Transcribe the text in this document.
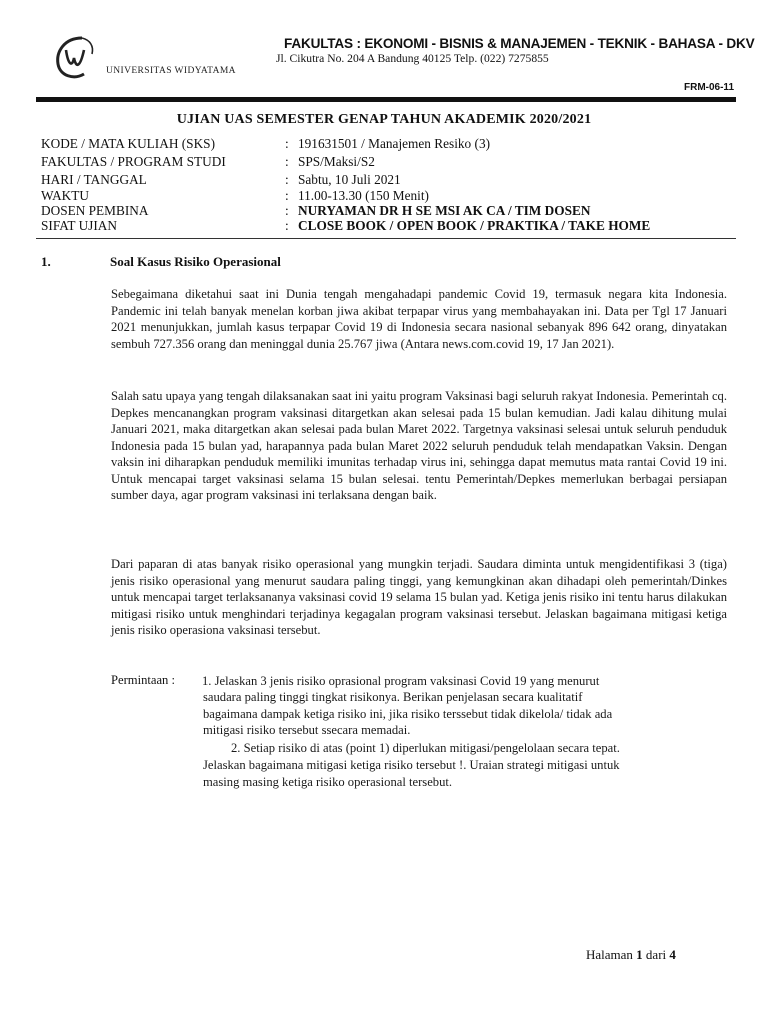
UNIVERSITAS WIDYATAMA
FAKULTAS : EKONOMI - BISNIS & MANAJEMEN - TEKNIK - BAHASA - DKV
Jl. Cikutra No. 204 A Bandung 40125 Telp. (022) 7275855
FRM-06-11
UJIAN UAS SEMESTER GENAP TAHUN AKADEMIK 2020/2021
KODE / MATA KULIAH (SKS)	: 191631501 / Manajemen Resiko (3)
FAKULTAS / PROGRAM STUDI	: SPS/Maksi/S2
HARI / TANGGAL	: Sabtu, 10 Juli 2021
WAKTU	: 11.00-13.30 (150 Menit)
DOSEN PEMBINA	: NURYAMAN DR H SE MSI AK CA / TIM DOSEN
SIFAT UJIAN	: CLOSE BOOK / OPEN BOOK / PRAKTIKA / TAKE HOME
1.	Soal Kasus Risiko Operasional
Sebegaimana diketahui saat ini Dunia tengah mengahadapi pandemic Covid 19, termasuk negara kita Indonesia. Pandemic ini telah banyak menelan korban jiwa akibat terpapar virus yang membahayakan ini. Data per Tgl 17 Januari 2021 menunjukkan, jumlah kasus terpapar Covid 19 di Indonesia secara nasional sebanyak 896 642 orang, dinyatakan sembuh 727.356 orang dan meninggal dunia 25.767 jiwa (Antara news.com.covid 19, 17 Jan 2021).
Salah satu upaya yang tengah dilaksanakan saat ini yaitu program Vaksinasi bagi seluruh rakyat Indonesia. Pemerintah cq. Depkes mencanangkan program vaksinasi ditargetkan akan selesai pada 15 bulan kemudian. Jadi kalau dihitung mulai Januari 2021, maka ditargetkan akan selesai pada bulan Maret 2022. Targetnya vaksinasi selesai untuk seluruh penduduk Indonesia pada 15 bulan yad, harapannya pada bulan Maret 2022 seluruh penduduk telah mendapatkan Vaksin. Dengan vaksin ini diharapkan penduduk memiliki imunitas terhadap virus ini, sehingga dapat memutus mata rantai Covid 19 ini. Untuk mencapai target vaksinasi selama 15 bulan selesai. tentu Pemerintah/Depkes memerlukan berbagai persiapan sumber daya, agar program vaksinasi ini terlaksana dengan baik.
Dari paparan di atas banyak risiko operasional yang mungkin terjadi. Saudara diminta untuk mengidentifikasi 3 (tiga) jenis risiko operasional yang menurut saudara paling tinggi, yang kemungkinan akan dihadapi oleh pemerintah/Dinkes untuk mencapai target terlaksananya vaksinasi covid 19 selama 15 bulan yad. Ketiga jenis risiko ini tentu harus dilakukan mitigasi risiko untuk menghindari terjadinya kegagalan program vaksinasi tersebut. Jelaskan bagaimana mitigasi ketiga jenis risiko operasiona vaksinasi tersebut.
Permintaan : 1. Jelaskan 3 jenis risiko oprasional program vaksinasi Covid 19 yang menurut
saudara paling tinggi tingkat risikonya. Berikan penjelasan secara kualitatif
bagaimana dampak ketiga risiko ini, jika risiko terssebut tidak dikelola/ tidak ada
mitigasi risiko tersebut ssecara memadai.
2. Setiap risiko di atas (point 1) diperlukan mitigasi/pengelolaan secara tepat.
Jelaskan bagaimana mitigasi ketiga risiko tersebut !. Uraian strategi mitigasi untuk
masing masing ketiga risiko operasional tersebut.
Halaman 1 dari 4
